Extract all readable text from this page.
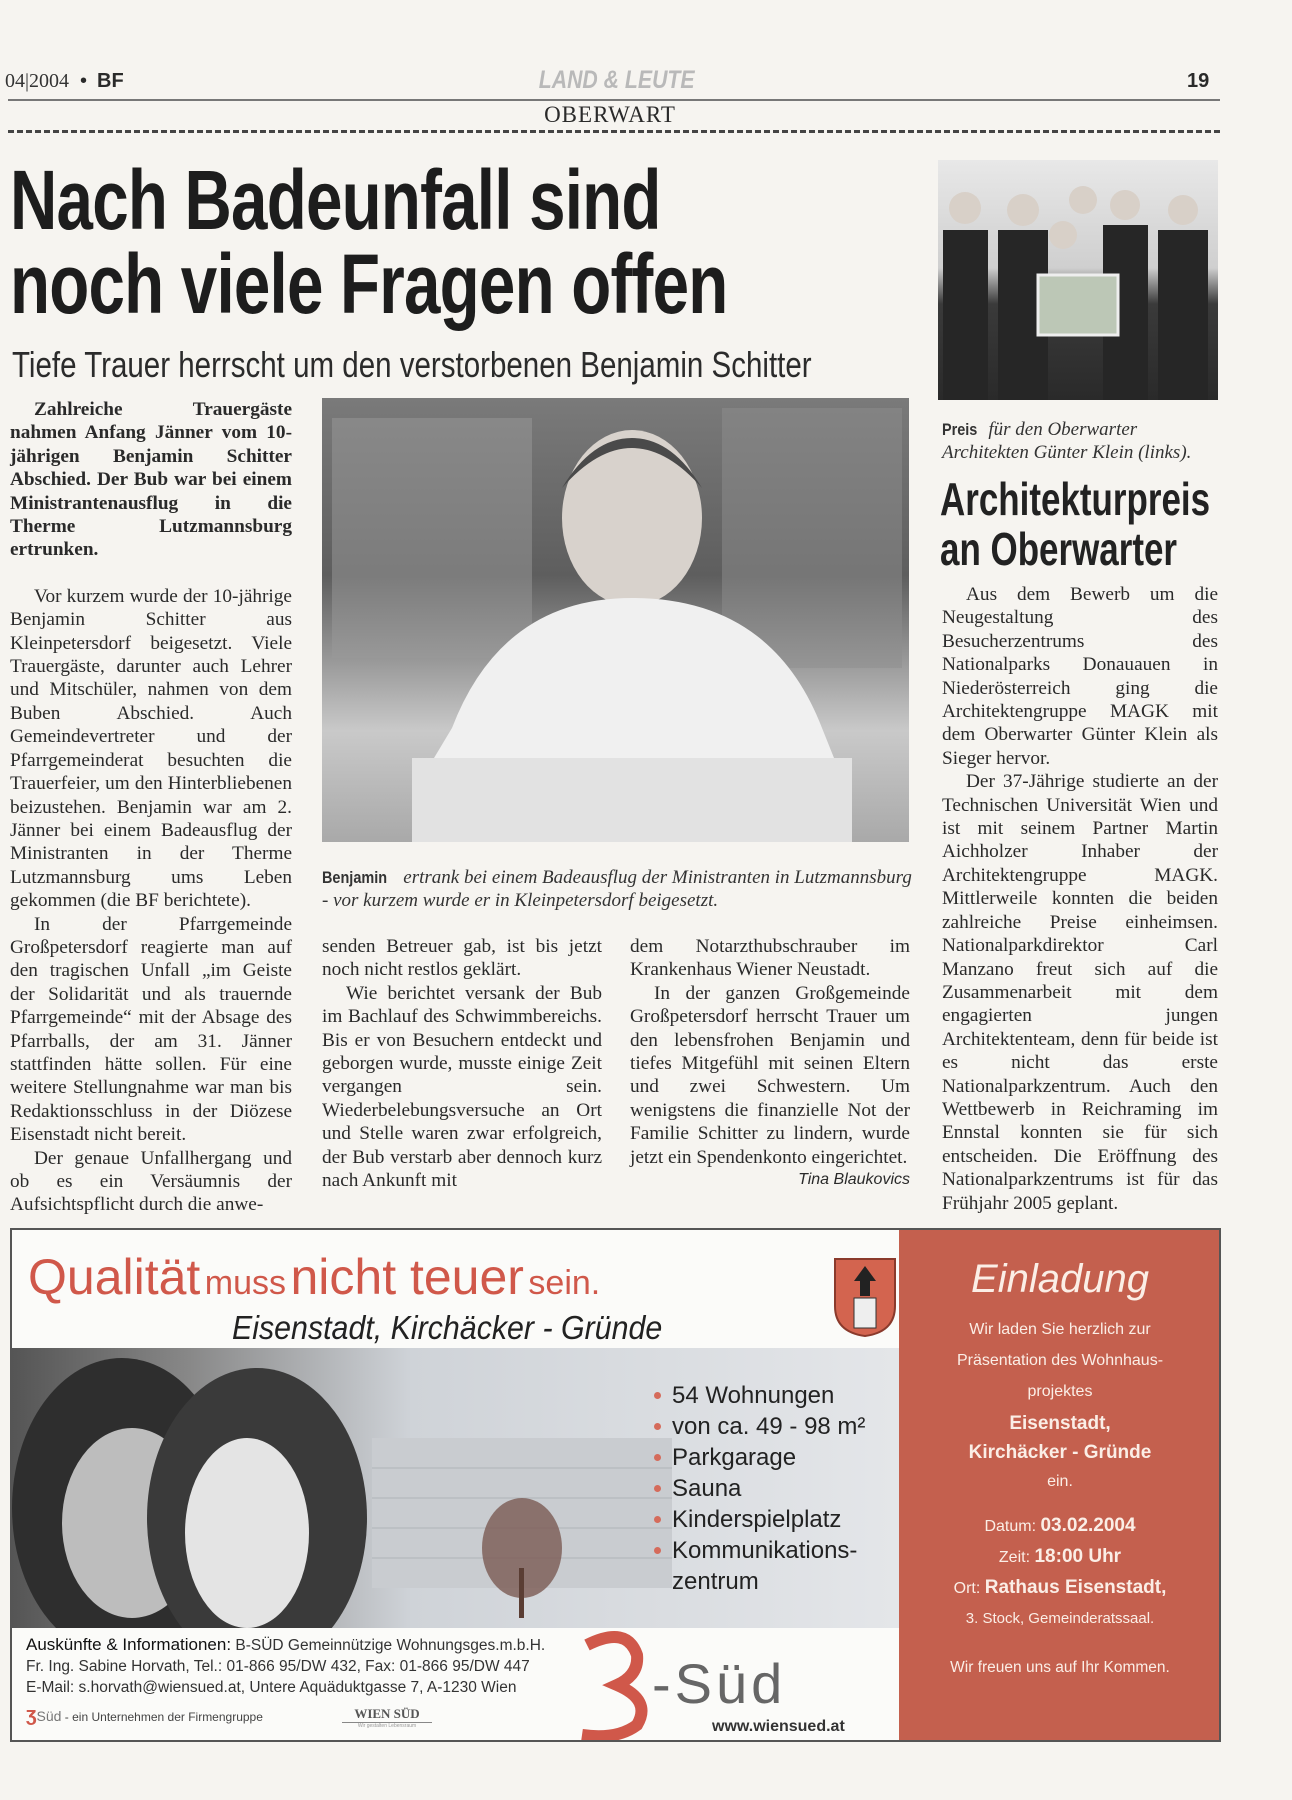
04|2004 • BF	LAND & LEUTE	19
OBERWART
Nach Badeunfall sind
noch viele Fragen offen
Tiefe Trauer herrscht um den verstorbenen Benjamin Schitter

Zahlreiche Trauergäste nahmen Anfang Jänner vom 10-jährigen Benjamin Schitter Abschied. Der Bub war bei einem Ministrantenausflug in die Therme Lutzmannsburg ertrunken.

Vor kurzem wurde der 10-jährige Benjamin Schitter aus Kleinpetersdorf beigesetzt. Viele Trauergäste, darunter auch Lehrer und Mitschüler, nahmen von dem Buben Abschied. Auch Gemeindevertreter und der Pfarrgemeinderat besuchten die Trauerfeier, um den Hinterbliebenen beizustehen. Benjamin war am 2. Jänner bei einem Badeausflug der Ministranten in der Therme Lutzmannsburg ums Leben gekommen (die BF berichtete).

In der Pfarrgemeinde Großpetersdorf reagierte man auf den tragischen Unfall „im Geiste der Solidarität und als trauernde Pfarrgemeinde“ mit der Absage des Pfarrballs, der am 31. Jänner stattfinden hätte sollen. Für eine weitere Stellungnahme war man bis Redaktionsschluss in der Diözese Eisenstadt nicht bereit.

Der genaue Unfallhergang und ob es ein Versäumnis der Aufsichtspflicht durch die anwe-

Benjamin ertrank bei einem Badeausflug der Ministranten in Lutzmannsburg - vor kurzem wurde er in Kleinpetersdorf beigesetzt.

senden Betreuer gab, ist bis jetzt noch nicht restlos geklärt.

Wie berichtet versank der Bub im Bachlauf des Schwimmbereichs. Bis er von Besuchern entdeckt und geborgen wurde, musste einige Zeit vergangen sein. Wiederbelebungsversuche an Ort und Stelle waren zwar erfolgreich, der Bub verstarb aber dennoch kurz nach Ankunft mit

dem Notarzthubschrauber im Krankenhaus Wiener Neustadt.

In der ganzen Großgemeinde Großpetersdorf herrscht Trauer um den lebensfrohen Benjamin und tiefes Mitgefühl mit seinen Eltern und zwei Schwestern. Um wenigstens die finanzielle Not der Familie Schitter zu lindern, wurde jetzt ein Spendenkonto eingerichtet.

Tina Blaukovics
Preis für den Oberwarter Architekten Günter Klein (links).
Architekturpreis
an Oberwarter

Aus dem Bewerb um die Neugestaltung des Besucherzentrums des Nationalparks Donauauen in Niederösterreich ging die Architektengruppe MAGK mit dem Oberwarter Günter Klein als Sieger hervor.

Der 37-Jährige studierte an der Technischen Universität Wien und ist mit seinem Partner Martin Aichholzer Inhaber der Architektengruppe MAGK. Mittlerweile konnten die beiden zahlreiche Preise einheimsen. Nationalparkdirektor Carl Manzano freut sich auf die Zusammenarbeit mit dem engagierten jungen Architektenteam, denn für beide ist es nicht das erste Nationalparkzentrum. Auch den Wettbewerb in Reichraming im Ennstal konnten sie für sich entscheiden. Die Eröffnung des Nationalparkzentrums ist für das Frühjahr 2005 geplant.

Qualität muss nicht teuer sein.
Eisenstadt, Kirchäcker - Gründe
54 Wohnungen
von ca. 49 - 98 m²
Parkgarage
Sauna
Kinderspielplatz
Kommunikations-zentrum
Auskünfte & Informationen: B-SÜD Gemeinnützige Wohnungsges.m.b.H.
Fr. Ing. Sabine Horvath, Tel.: 01-866 95/DW 432, Fax: 01-866 95/DW 447
E-Mail: s.horvath@wiensued.at, Untere Aquäduktgasse 7, A-1230 Wien
ʒSüd - ein Unternehmen der Firmengruppe	WIEN SÜD
Wir gestalten Lebensraum
-Süd
www.wiensued.at
Einladung
Wir laden Sie herzlich zur Präsentation des Wohnhaus-projektes
Eisenstadt,
Kirchäcker - Gründe
ein.
Datum: 03.02.2004
Zeit: 18:00 Uhr
Ort: Rathaus Eisenstadt,
3. Stock, Gemeinderatssaal.
Wir freuen uns auf Ihr Kommen.
